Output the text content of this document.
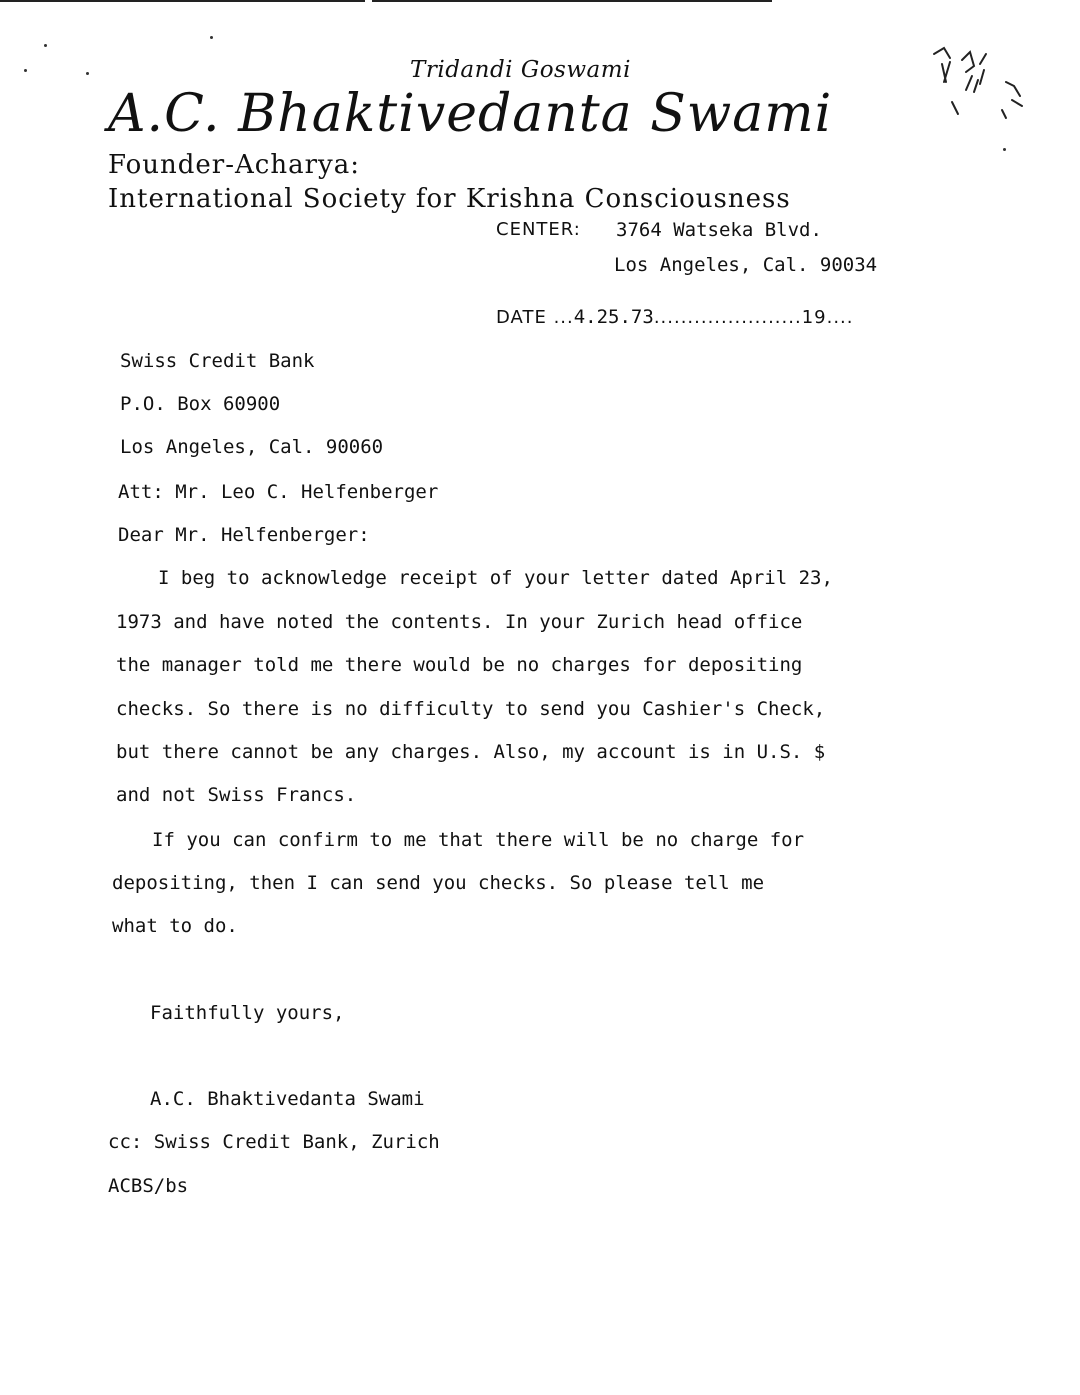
Tridandi Goswami
A.C. Bhaktivedanta Swami
Founder-Acharya:
International Society for Krishna Consciousness
CENTER: 3764 Watseka Blvd.
Los Angeles, Cal. 90034
DATE ...4.25.73......................19....
Swiss Credit Bank
P.O. Box 60900
Los Angeles, Cal. 90060
Att: Mr. Leo C. Helfenberger
Dear Mr. Helfenberger:
I beg to acknowledge receipt of your letter dated April 23,
1973 and have noted the contents. In your Zurich head office
the manager told me there would be no charges for depositing
checks. So there is no difficulty to send you Cashier's Check,
but there cannot be any charges. Also, my account is in U.S. $
and not Swiss Francs.
If you can confirm to me that there will be no charge for
depositing, then I can send you checks. So please tell me
what to do.
Faithfully yours,
A.C. Bhaktivedanta Swami
cc: Swiss Credit Bank, Zurich
ACBS/bs
